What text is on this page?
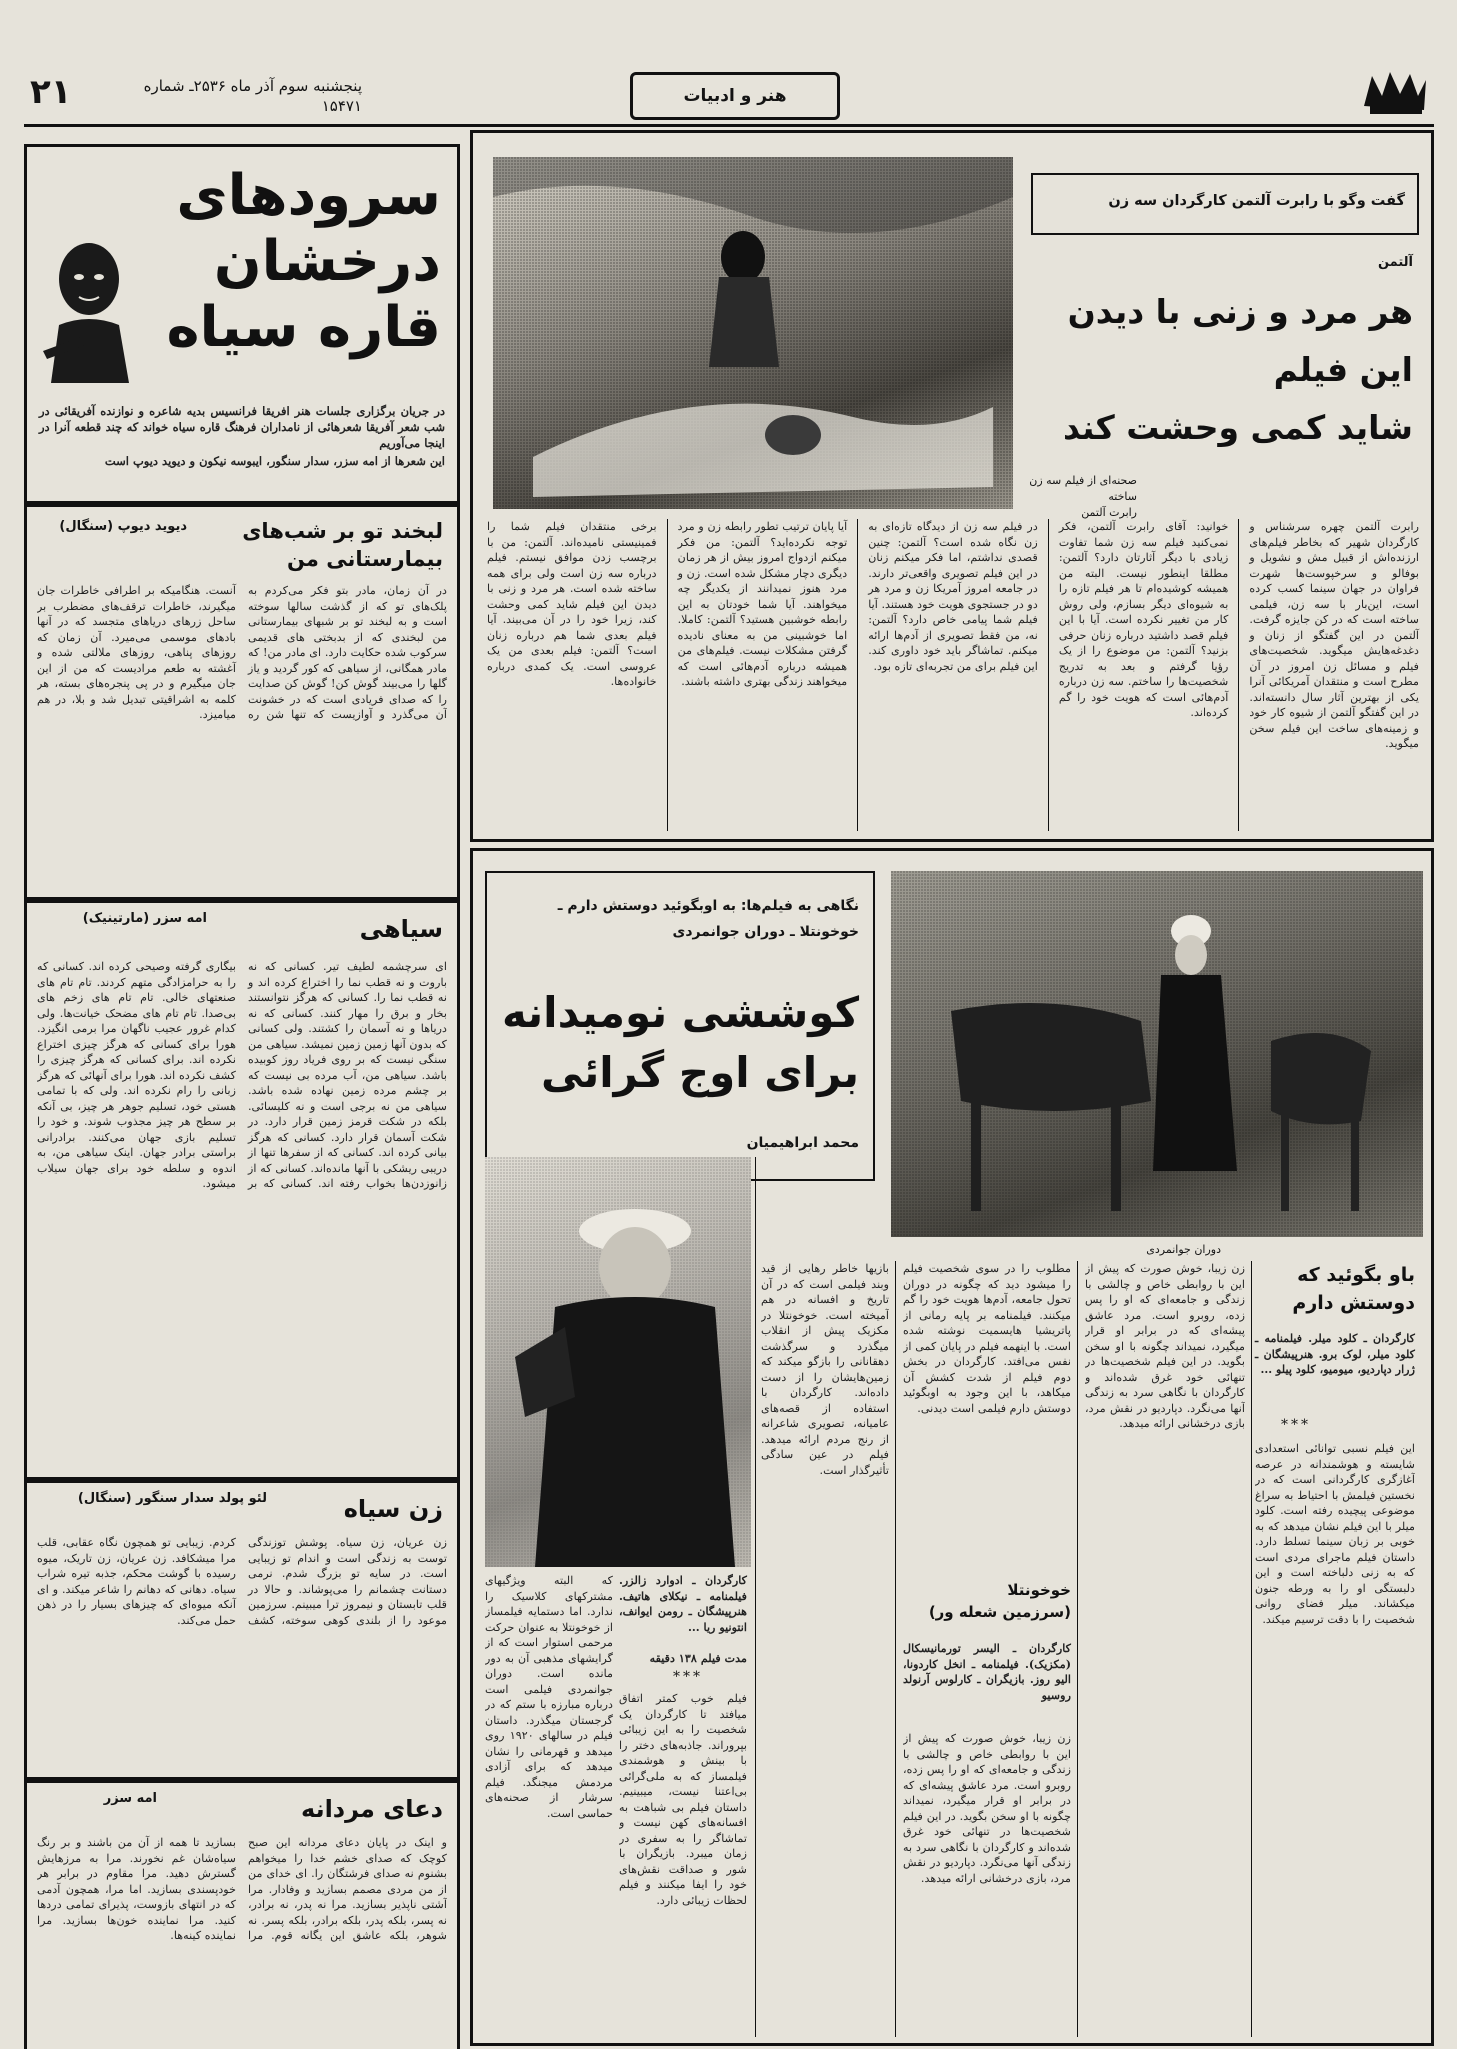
۲۱	پنجشنبه سوم آذر ماه ۲۵۳۶ـ شماره ۱۵۴۷۱	هنر و ادبیات
سرودهای
درخشان
قاره سیاه

در جریان برگزاری جلسات هنر افریقا فرانسیس بدیه شاعره و نوازنده آفریقائی در شب شعر آفریقا شعرهائی از نامداران فرهنگ قاره سیاه خواند که چند قطعه آنرا در اینجا می‌آوریم

این شعرها از امه سزر، سدار سنگور، ایبوسه نیکون و دیوید دیوپ است

لبخند تو بر شب‌های
بیمارستانی من
دیوید دیوپ (سنگال)
در آن زمان، مادر بتو فکر می‌کردم به پلک‌های تو که از گذشت سالها سوخته است و به لبخند تو بر شبهای بیمارستانی من لبخندی که از بدبختی های قدیمی سرکوب شده حکایت دارد. ای مادر من! که مادر همگانی، از سیاهی که کور گردید و یاز گلها را می‌بیند گوش کن! گوش کن صدایت را که صدای فریادی است که در خشونت آن می‌گذرد و آوازیست که تنها شن ره آنست. هنگامیکه بر اطرافی خاطرات جان میگیرند، خاطرات ترقف‌های مضطرب بر ساحل زرهای دریاهای متجسد که در آنها بادهای موسمی می‌میرد. آن زمان که روزهای پناهی، روزهای ملالتی شده و آغشته به طعم مرادیست که من از این جان میگیرم و در پی پنجره‌های بسته، هر کلمه به اشراقیتی تبدیل شد و بلا، در هم میامیزد.
سیاهی
امه سزر (مارتینیک)
ای سرچشمه لطیف تیر. کسانی که نه باروت و نه قطب نما را اختراع کرده اند و نه قطب نما را. کسانی که هرگز نتوانستند بخار و برق را مهار کنند. کسانی که نه دریاها و نه آسمان را کشتند. ولی کسانی که بدون آنها زمین زمین نمیشد. سیاهی من سنگی نیست که بر روی فریاد روز کوبیده باشد. سیاهی من، آب مرده بی نیست که بر چشم مرده زمین نهاده شده باشد. سیاهی من نه برجی است و نه کلیسائی. بلکه در شکت قرمز زمین قرار دارد. در شکت آسمان قرار دارد. کسانی که هرگز بیانی کرده اند. کسانی که از سفرها تنها از دریبی ریشکی با آنها مانده‌اند. کسانی که از زانوزدن‌ها بخواب رفته اند. کسانی که بر بیگاری گرفته وصیحی کرده اند. کسانی که را به حرامزادگی متهم کردند. تام تام های صنعتهای خالی. تام تام های زخم های بی‌صدا. تام تام های مضحک خیانت‌ها. ولی کدام غرور عجیب ناگهان مرا برمی انگیزد. هورا برای کسانی که هرگز چیزی اختراع نکرده اند. برای کسانی که هرگز چیزی را کشف نکرده اند. هورا برای آنهائی که هرگز زبانی را رام نکرده اند. ولی که با تمامی هستی خود، تسلیم جوهر هر چیز، بی آنکه بر سطح هر چیز مجذوب شوند. و خود را تسلیم بازی جهان می‌کنند. برادرانی براستی برادر جهان. اینک سیاهی من، به اندوه و سلطه خود برای جهان سیلاب میشود.
زن سیاه
لئو پولد سدار سنگور (سنگال)
زن عریان، زن سیاه. پوشش توزندگی توست به زندگی است و اندام تو زیبایی است. در سایه تو بزرگ شدم. نرمی دستانت چشمانم را می‌پوشاند. و حالا در قلب تابستان و نیمروز ترا میبینم. سرزمین موعود را از بلندی کوهی سوخته، کشف کردم. زیبایی تو همچون نگاه عقابی، قلب مرا میشکافد. زن عریان، زن تاریک، میوه رسیده با گوشت محکم، جذبه تیره شراب سیاه. دهانی که دهانم را شاعر میکند. و ای آنکه میوه‌ای که چیزهای بسیار را در ذهن حمل می‌کند.
دعای مردانه
امه سزر
و اینک در پایان دعای مردانه این صبح کوچک که صدای خشم خدا را میخواهم بشنوم نه صدای فرشتگان را. ای خدای من از من مردی مصمم بسازید و وفادار. مرا آشتی ناپذیر بسازید. مرا نه پدر، نه برادر، نه پسر، بلکه پدر، بلکه برادر، بلکه پسر. نه شوهر، بلکه عاشق این یگانه قوم. مرا بسازید تا همه از آن من باشند و بر رنگ سیاه‌شان غم نخورند. مرا به مرزهایش گسترش دهید. مرا مقاوم در برابر هر خودپسندی بسازید. اما مرا، همچون آدمی که در انتهای بازوست، پذیرای تمامی دردها کنید. مرا نماینده خون‌ها بسازید. مرا نماینده کینه‌ها.
صحنه‌ای از فیلم سه زن ساخته
رابرت آلتمن
گفت وگو با رابرت آلتمن کارگردان سه زن
آلتمن
هر مرد و زنی با دیدن
این فیلم
شاید کمی وحشت کند
رابرت آلتمن چهره سرشناس و کارگردان شهیر که بخاطر فیلم‌های ارزنده‌اش از قبیل مش و نشویل و بوفالو و سرخپوست‌ها شهرت فراوان در جهان سینما کسب کرده است، این‌بار با سه زن، فیلمی ساخته است که در کن جایزه گرفت. آلتمن در این گفتگو از زنان و دغدغه‌هایش میگوید. شخصیت‌های فیلم و مسائل زن امروز در آن مطرح است و منتقدان آمریکائی آنرا یکی از بهترین آثار سال دانسته‌اند. در این گفتگو آلتمن از شیوه کار خود و زمینه‌های ساخت این فیلم سخن میگوید.
خوانید: آقای رابرت آلتمن، فکر نمی‌کنید فیلم سه زن شما تفاوت زیادی با دیگر آثارتان دارد؟ آلتمن: مطلقا اینطور نیست. البته من همیشه کوشیده‌ام تا هر فیلم تازه را به شیوه‌ای دیگر بسازم، ولی روش کار من تغییر نکرده است. آیا با این فیلم قصد داشتید درباره زنان حرفی بزنید؟ آلتمن: من موضوع را از یک رؤیا گرفتم و بعد به تدریج شخصیت‌ها را ساختم. سه زن درباره آدم‌هائی است که هویت خود را گم کرده‌اند.
در فیلم سه زن از دیدگاه تازه‌ای به زن نگاه شده است؟ آلتمن: چنین قصدی نداشتم، اما فکر میکنم زنان در این فیلم تصویری واقعی‌تر دارند. در جامعه امروز آمریکا زن و مرد هر دو در جستجوی هویت خود هستند. آیا فیلم شما پیامی خاص دارد؟ آلتمن: نه، من فقط تصویری از آدم‌ها ارائه میکنم. تماشاگر باید خود داوری کند. این فیلم برای من تجربه‌ای تازه بود.
آیا پایان ترتیب تطور رابطه زن و مرد توجه نکرده‌اید؟ آلتمن: من فکر میکنم ازدواج امروز بیش از هر زمان دیگری دچار مشکل شده است. زن و مرد هنوز نمیدانند از یکدیگر چه میخواهند. آیا شما خودتان به این رابطه خوشبین هستید؟ آلتمن: کاملا. اما خوشبینی من به معنای نادیده گرفتن مشکلات نیست. فیلم‌های من همیشه درباره آدم‌هائی است که میخواهند زندگی بهتری داشته باشند.
برخی منتقدان فیلم شما را فمینیستی نامیده‌اند. آلتمن: من با برچسب زدن موافق نیستم. فیلم درباره سه زن است ولی برای همه ساخته شده است. هر مرد و زنی با دیدن این فیلم شاید کمی وحشت کند، زیرا خود را در آن می‌بیند. آیا فیلم بعدی شما هم درباره زنان است؟ آلتمن: فیلم بعدی من یک عروسی است. یک کمدی درباره خانواده‌ها.
نگاهی به فیلم‌ها: به اوبگوئید دوستش دارم ـ خوخونتلا ـ دوران جوانمردی
کوششی نومیدانه
برای اوج گرائی
محمد ابراهیمیان
دوران جوانمردی
باو بگوئید که
دوستش دارم
کارگردان ـ کلود میلر. فیلمنامه ـ کلود میلر، لوک برو. هنرپیشگان ـ ژرار دپاردیو، میومیو، کلود پیلو ...
***
این فیلم نسبی توانائی استعدادی شایسته و هوشمندانه در عرصه آغازگری کارگردانی است که در نخستین فیلمش با احتیاط به سراغ موضوعی پیچیده رفته است. کلود میلر با این فیلم نشان میدهد که به خوبی بر زبان سینما تسلط دارد. داستان فیلم ماجرای مردی است که به زنی دلباخته است و این دلبستگی او را به ورطه جنون میکشاند. میلر فضای روانی شخصیت را با دقت ترسیم میکند.
زن زیبا، خوش صورت که پیش از این با روابطی خاص و چالشی با زندگی و جامعه‌ای که او را پس زده، روبرو است. مرد عاشق پیشه‌ای که در برابر او قرار میگیرد، نمیداند چگونه با او سخن بگوید. در این فیلم شخصیت‌ها در تنهائی خود غرق شده‌اند و کارگردان با نگاهی سرد به زندگی آنها می‌نگرد. دپاردیو در نقش مرد، بازی درخشانی ارائه میدهد.
خوخونتلا
(سرزمین شعله ور)
کارگردان ـ الیسر تورمانیسکال (مکزیک). فیلمنامه ـ انخل کاردونا، الیو روز. بازیگران ـ کارلوس آرنولد روسیو
مطلوب را در سوی شخصیت فیلم را میشود دید که چگونه در دوران تحول جامعه، آدم‌ها هویت خود را گم میکنند. فیلمنامه بر پایه رمانی از پاتریشیا هایسمیت نوشته شده است. با اینهمه فیلم در پایان کمی از نفس می‌افتد. کارگردان در بخش دوم فیلم از شدت کشش آن میکاهد، با این وجود به اوبگوئید دوستش دارم فیلمی است دیدنی.
زن زیبا، خوش صورت که پیش از این با روابطی خاص و چالشی با زندگی و جامعه‌ای که او را پس زده، روبرو است. مرد عاشق پیشه‌ای که در برابر او قرار میگیرد، نمیداند چگونه با او سخن بگوید. در این فیلم شخصیت‌ها در تنهائی خود غرق شده‌اند و کارگردان با نگاهی سرد به زندگی آنها می‌نگرد. دپاردیو در نقش مرد، بازی درخشانی ارائه میدهد.
بازیها خاطر رهایی از قید وبند فیلمی است که در آن تاریخ و افسانه در هم آمیخته است. خوخونتلا در مکزیک پیش از انقلاب میگذرد و سرگذشت دهقانانی را بازگو میکند که زمین‌هایشان را از دست داده‌اند. کارگردان با استفاده از قصه‌های عامیانه، تصویری شاعرانه از رنج مردم ارائه میدهد. فیلم در عین سادگی تأثیرگذار است.
کارگردان ـ ادوارد زالزر. فیلمنامه ـ نیکلای هاتیف. هنرپیشگان ـ رومن ایوانف، انتونیو ریا ...
مدت فیلم ۱۳۸ دقیقه
***
که البته ویژگیهای مشترکهای کلاسیک را ندارد. اما دستمایه فیلمساز از خوخونتلا به عنوان حرکت مرحمی استوار است که از گرایشهای مذهبی آن به دور مانده است. دوران جوانمردی فیلمی است درباره مبارزه با ستم که در گرجستان میگذرد. داستان فیلم در سالهای ۱۹۲۰ روی میدهد و قهرمانی را نشان میدهد که برای آزادی مردمش میجنگد. فیلم سرشار از صحنه‌های حماسی است.
فیلم خوب کمتر اتفاق میافتد تا کارگردان یک شخصیت را به این زیبائی بپروراند. جاذبه‌های دختر را با بینش و هوشمندی فیلمساز که به ملی‌گرائی بی‌اعتنا نیست، میبینیم. داستان فیلم بی شباهت به افسانه‌های کهن نیست و تماشاگر را به سفری در زمان میبرد. بازیگران با شور و صداقت نقش‌های خود را ایفا میکنند و فیلم لحظات زیبائی دارد.
